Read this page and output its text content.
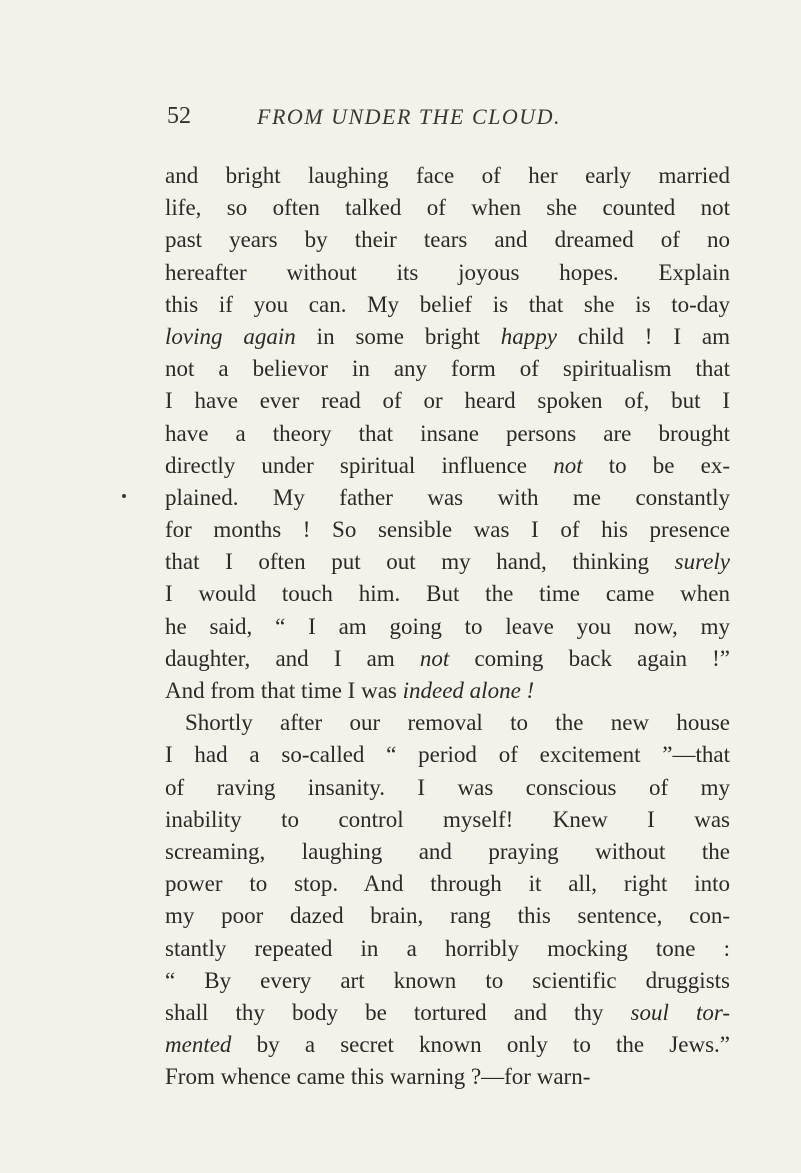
52	FROM UNDER THE CLOUD.
and bright laughing face of her early married
life, so often talked of when she counted not
past years by their tears and dreamed of no
hereafter without its joyous hopes. Explain
this if you can. My belief is that she is to-day
loving again in some bright happy child ! I am
not a believor in any form of spiritualism that
I have ever read of or heard spoken of, but I
have a theory that insane persons are brought
directly under spiritual influence not to be ex-
plained. My father was with me constantly
for months ! So sensible was I of his presence
that I often put out my hand, thinking surely
I would touch him. But the time came when
he said, “ I am going to leave you now, my
daughter, and I am not coming back again !”
And from that time I was indeed alone !
Shortly after our removal to the new house
I had a so-called “ period of excitement ”—that
of raving insanity. I was conscious of my
inability to control myself! Knew I was
screaming, laughing and praying without the
power to stop. And through it all, right into
my poor dazed brain, rang this sentence, con-
stantly repeated in a horribly mocking tone :
“ By every art known to scientific druggists
shall thy body be tortured and thy soul tor-
mented by a secret known only to the Jews.”
From whence came this warning ?—for warn-
